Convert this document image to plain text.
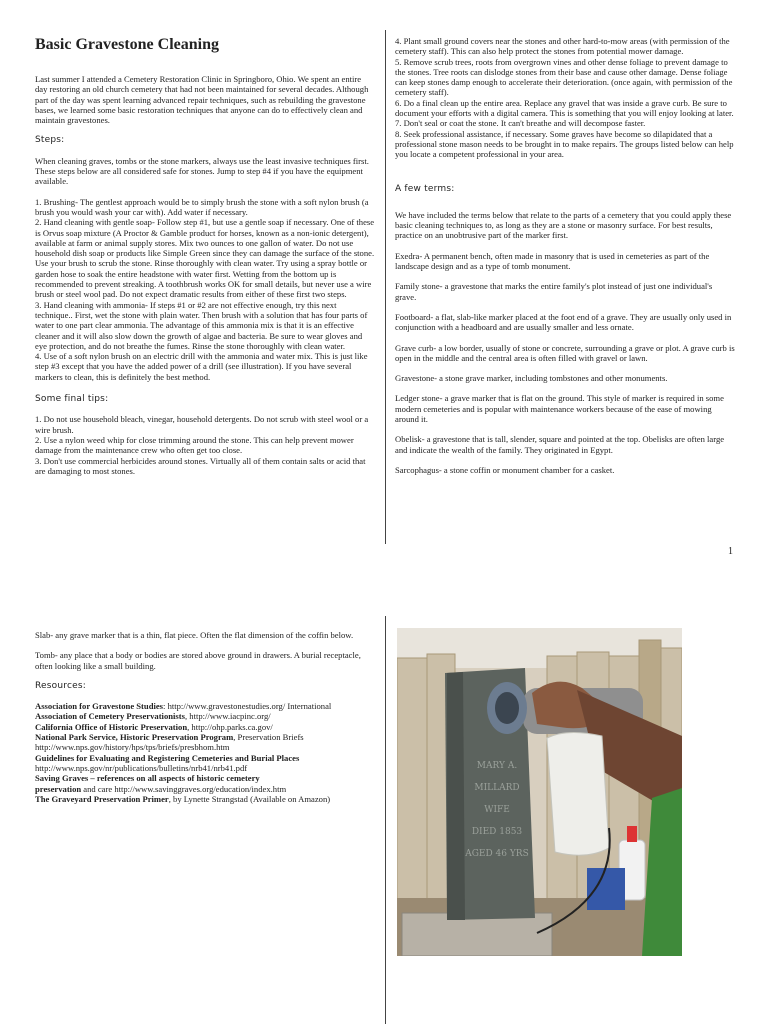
Basic Gravestone Cleaning

Last summer I attended a Cemetery Restoration Clinic in Springboro, Ohio. We spent an entire day restoring an old church cemetery that had not been maintained for several decades. Although part of the day was spent learning advanced repair techniques, such as rebuilding the gravestone bases, we learned some basic restoration techniques that anyone can do to effectively clean and maintain gravestones.

Steps:

When cleaning graves, tombs or the stone markers, always use the least invasive techniques first. These steps below are all considered safe for stones. Jump to step #4 if you have the equipment available.

1. Brushing- The gentlest approach would be to simply brush the stone with a soft nylon brush (a brush you would wash your car with). Add water if necessary.
2. Hand cleaning with gentle soap- Follow step #1, but use a gentle soap if necessary. One of these is Orvus soap mixture (A Proctor & Gamble product for horses, known as a non-ionic detergent), available at farm or animal supply stores. Mix two ounces to one gallon of water. Do not use household dish soap or products like Simple Green since they can damage the surface of the stone. Use your brush to scrub the stone. Rinse thoroughly with clean water. Try using a spray bottle or garden hose to soak the entire headstone with water first. Wetting from the bottom up is recommended to prevent streaking. A toothbrush works OK for small details, but never use a wire brush or steel wool pad. Do not expect dramatic results from either of these first two steps.
3. Hand cleaning with ammonia- If steps #1 or #2 are not effective enough, try this next technique.. First, wet the stone with plain water. Then brush with a solution that has four parts of water to one part clear ammonia. The advantage of this ammonia mix is that it is an effective cleaner and it will also slow down the growth of algae and bacteria. Be sure to wear gloves and eye protection, and do not breathe the fumes. Rinse the stone thoroughly with clean water.
4. Use of a soft nylon brush on an electric drill with the ammonia and water mix. This is just like step #3 except that you have the added power of a drill (see illustration). If you have several markers to clean, this is definitely the best method.

Some final tips:

1. Do not use household bleach, vinegar, household detergents. Do not scrub with steel wool or a wire brush.
2. Use a nylon weed whip for close trimming around the stone. This can help prevent mower damage from the maintenance crew who often get too close.
3. Don't use commercial herbicides around stones. Virtually all of them contain salts or acid that are damaging to most stones.

4. Plant small ground covers near the stones and other hard-to-mow areas (with permission of the cemetery staff). This can also help protect the stones from potential mower damage.
5. Remove scrub trees, roots from overgrown vines and other dense foliage to prevent damage to the stones. Tree roots can dislodge stones from their base and cause other damage. Dense foliage can keep stones damp enough to accelerate their deterioration. (once again, with permission of the cemetery staff).
6. Do a final clean up the entire area. Replace any gravel that was inside a grave curb. Be sure to document your efforts with a digital camera. This is something that you will enjoy looking at later.
7. Don't seal or coat the stone. It can't breathe and will decompose faster.
8. Seek professional assistance, if necessary. Some graves have become so dilapidated that a professional stone mason needs to be brought in to make repairs. The groups listed below can help you locate a competent professional in your area.

A few terms:

We have included the terms below that relate to the parts of a cemetery that you could apply these basic cleaning techniques to, as long as they are a stone or masonry surface. For best results, practice on an unobtrusive part of the marker first.

Exedra- A permanent bench, often made in masonry that is used in cemeteries as part of the landscape design and as a type of tomb monument.

Family stone- a gravestone that marks the entire family's plot instead of just one individual's grave.

Footboard- a flat, slab-like marker placed at the foot end of a grave. They are usually only used in conjunction with a headboard and are usually smaller and less ornate.

Grave curb- a low border, usually of stone or concrete, surrounding a grave or plot. A grave curb is open in the middle and the central area is often filled with gravel or lawn.

Gravestone- a stone grave marker, including tombstones and other monuments.

Ledger stone- a grave marker that is flat on the ground. This style of marker is required in some modern cemeteries and is popular with maintenance workers because of the ease of mowing around it.

Obelisk- a gravestone that is tall, slender, square and pointed at the top. Obelisks are often large and indicate the wealth of the family. They originated in Egypt.

Sarcophagus- a stone coffin or monument chamber for a casket.

1

Slab- any grave marker that is a thin, flat piece. Often the flat dimension of the coffin below.

Tomb- any place that a body or bodies are stored above ground in drawers. A burial receptacle, often looking like a small building.

Resources:
Association for Gravestone Studies: http://www.gravestonestudies.org/ International
Association of Cemetery Preservationists, http://www.iacpinc.org/
California Office of Historic Preservation, http://ohp.parks.ca.gov/
National Park Service, Historic Preservation Program, Preservation Briefs
http://www.nps.gov/history/hps/tps/briefs/presbhom.htm
Guidelines for Evaluating and Registering Cemeteries and Burial Places
http://www.nps.gov/nr/publications/bulletins/nrb41/nrb41.pdf
Saving Graves – references on all aspects of historic cemetery
preservation and care http://www.savinggraves.org/education/index.htm
The Graveyard Preservation Primer, by Lynette Strangstad (Available on Amazon)
MARY A.
MILLARD
WIFE
DIED 1853
AGED 46 YRS
